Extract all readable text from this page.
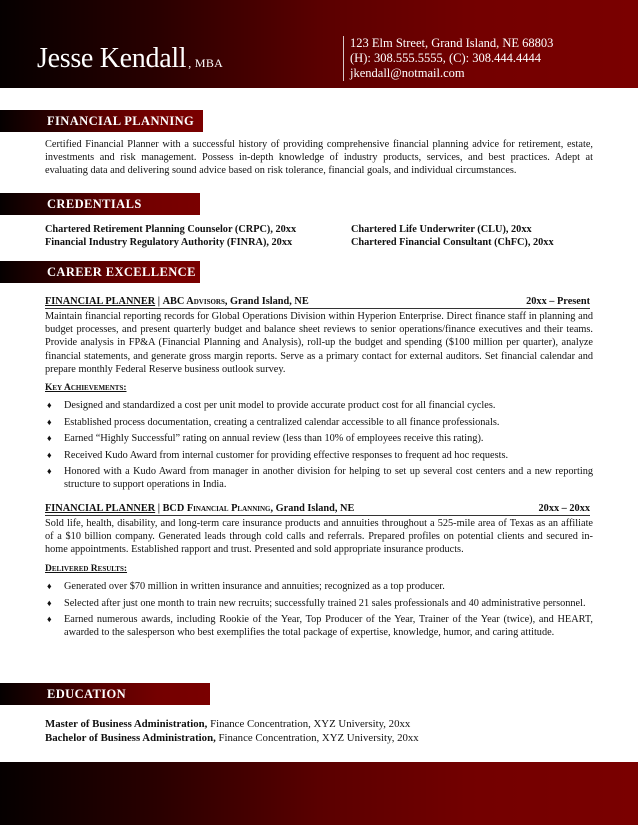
Jesse Kendall , MBA
123 Elm Street, Grand Island, NE 68803
(H): 308.555.5555, (C): 308.444.4444
jkendall@notmail.com
FINANCIAL PLANNING
Certified Financial Planner with a successful history of providing comprehensive financial planning advice for retirement, estate, investments and risk management. Possess in-depth knowledge of industry products, services, and best practices. Adept at evaluating data and delivering sound advice based on risk tolerance, financial goals, and individual circumstances.
CREDENTIALS
Chartered Retirement Planning Counselor (CRPC), 20xx	Chartered Life Underwriter (CLU), 20xx
Financial Industry Regulatory Authority (FINRA), 20xx	Chartered Financial Consultant (ChFC), 20xx
CAREER EXCELLENCE
FINANCIAL PLANNER | ABC Advisors, Grand Island, NE	20xx – Present
Maintain financial reporting records for Global Operations Division within Hyperion Enterprise. Direct finance staff in planning and budget processes, and present quarterly budget and balance sheet reviews to senior operations/finance executives and their teams. Provide analysis in FP&A (Financial Planning and Analysis), roll-up the budget and spending ($100 million per quarter), analyze financial statements, and generate gross margin reports. Serve as a primary contact for external auditors. Set financial calendar and prepare monthly Federal Reserve business outlook survey.
Key Achievements:
♦ Designed and standardized a cost per unit model to provide accurate product cost for all financial cycles.
♦ Established process documentation, creating a centralized calendar accessible to all finance professionals.
♦ Earned “Highly Successful” rating on annual review (less than 10% of employees receive this rating).
♦ Received Kudo Award from internal customer for providing effective responses to frequent ad hoc requests.
♦ Honored with a Kudo Award from manager in another division for helping to set up several cost centers and a new reporting structure to support operations in India.
FINANCIAL PLANNER | BCD Financial Planning, Grand Island, NE	20xx – 20xx
Sold life, health, disability, and long-term care insurance products and annuities throughout a 525-mile area of Texas as an affiliate of a $10 billion company. Generated leads through cold calls and referrals. Prepared profiles on potential clients and secured in-home appointments. Established rapport and trust. Presented and sold appropriate insurance products.
Delivered Results:
♦ Generated over $70 million in written insurance and annuities; recognized as a top producer.
♦ Selected after just one month to train new recruits; successfully trained 21 sales professionals and 40 administrative personnel.
♦ Earned numerous awards, including Rookie of the Year, Top Producer of the Year, Trainer of the Year (twice), and HEART, awarded to the salesperson who best exemplifies the total package of expertise, knowledge, humor, and caring attitude.
EDUCATION
Master of Business Administration, Finance Concentration, XYZ University, 20xx
Bachelor of Business Administration, Finance Concentration, XYZ University, 20xx
